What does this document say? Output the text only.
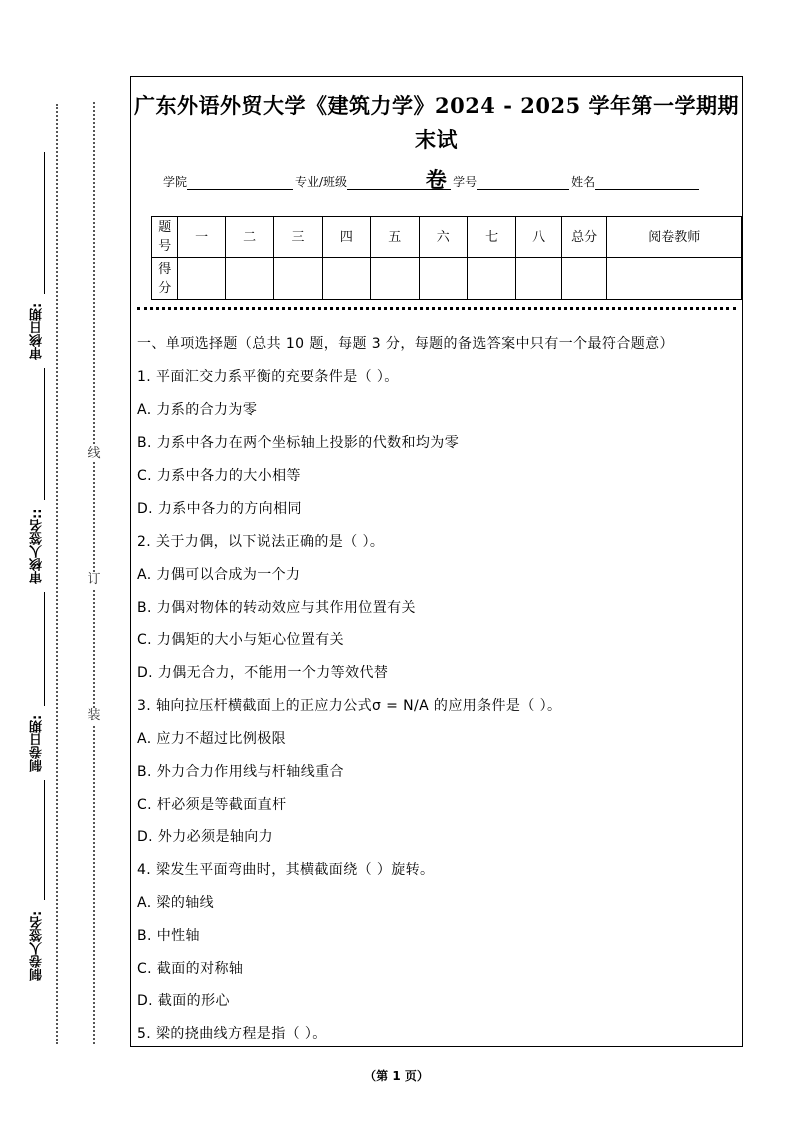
审核日期:
审核人签名::
制卷日期:
制卷人签名:
线
订
装
广东外语外贸大学《建筑力学》2024 - 2025 学年第一学期期末试
卷
学院	专业/班级	学号	姓名
题号	一	二	三	四	五	六	七	八	总分	阅卷教师
得分										
一、单项选择题（总共 10 题，每题 3 分，每题的备选答案中只有一个最符合题意）
1. 平面汇交力系平衡的充要条件是（ ）。
A. 力系的合力为零
B. 力系中各力在两个坐标轴上投影的代数和均为零
C. 力系中各力的大小相等
D. 力系中各力的方向相同
2. 关于力偶，以下说法正确的是（ ）。
A. 力偶可以合成为一个力
B. 力偶对物体的转动效应与其作用位置有关
C. 力偶矩的大小与矩心位置有关
D. 力偶无合力，不能用一个力等效代替
3. 轴向拉压杆横截面上的正应力公式σ = N/A 的应用条件是（ ）。
A. 应力不超过比例极限
B. 外力合力作用线与杆轴线重合
C. 杆必须是等截面直杆
D. 外力必须是轴向力
4. 梁发生平面弯曲时，其横截面绕（ ）旋转。
A. 梁的轴线
B. 中性轴
C. 截面的对称轴
D. 截面的形心
5. 梁的挠曲线方程是指（ ）。
（第 1 页）
